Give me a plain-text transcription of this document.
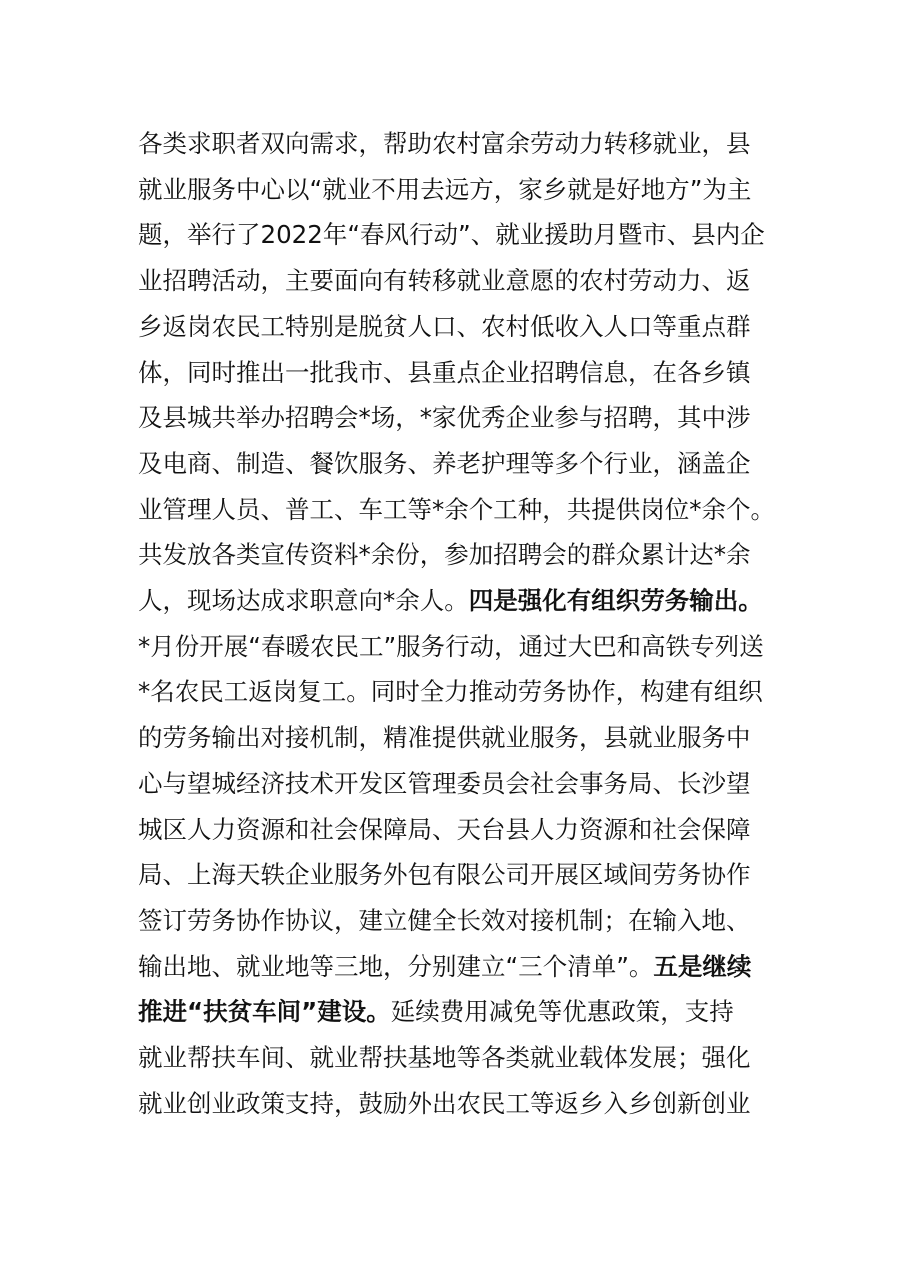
各类求职者双向需求，帮助农村富余劳动力转移就业，县
就业服务中心以“就业不用去远方，家乡就是好地方”为主
题，举行了2022年“春风行动”、就业援助月暨市、县内企
业招聘活动，主要面向有转移就业意愿的农村劳动力、返
乡返岗农民工特别是脱贫人口、农村低收入人口等重点群
体，同时推出一批我市、县重点企业招聘信息，在各乡镇
及县城共举办招聘会*场，*家优秀企业参与招聘，其中涉
及电商、制造、餐饮服务、养老护理等多个行业，涵盖企
业管理人员、普工、车工等*余个工种，共提供岗位*余个。
共发放各类宣传资料*余份，参加招聘会的群众累计达*余
人，现场达成求职意向*余人。四是强化有组织劳务输出。
*月份开展“春暖农民工”服务行动，通过大巴和高铁专列送
*名农民工返岗复工。同时全力推动劳务协作，构建有组织
的劳务输出对接机制，精准提供就业服务，县就业服务中
心与望城经济技术开发区管理委员会社会事务局、长沙望
城区人力资源和社会保障局、天台县人力资源和社会保障
局、上海天轶企业服务外包有限公司开展区域间劳务协作
签订劳务协作协议，建立健全长效对接机制；在输入地、
输出地、就业地等三地，分别建立“三个清单”。五是继续
推进“扶贫车间”建设。延续费用减免等优惠政策，支持
就业帮扶车间、就业帮扶基地等各类就业载体发展；强化
就业创业政策支持，鼓励外出农民工等返乡入乡创新创业
